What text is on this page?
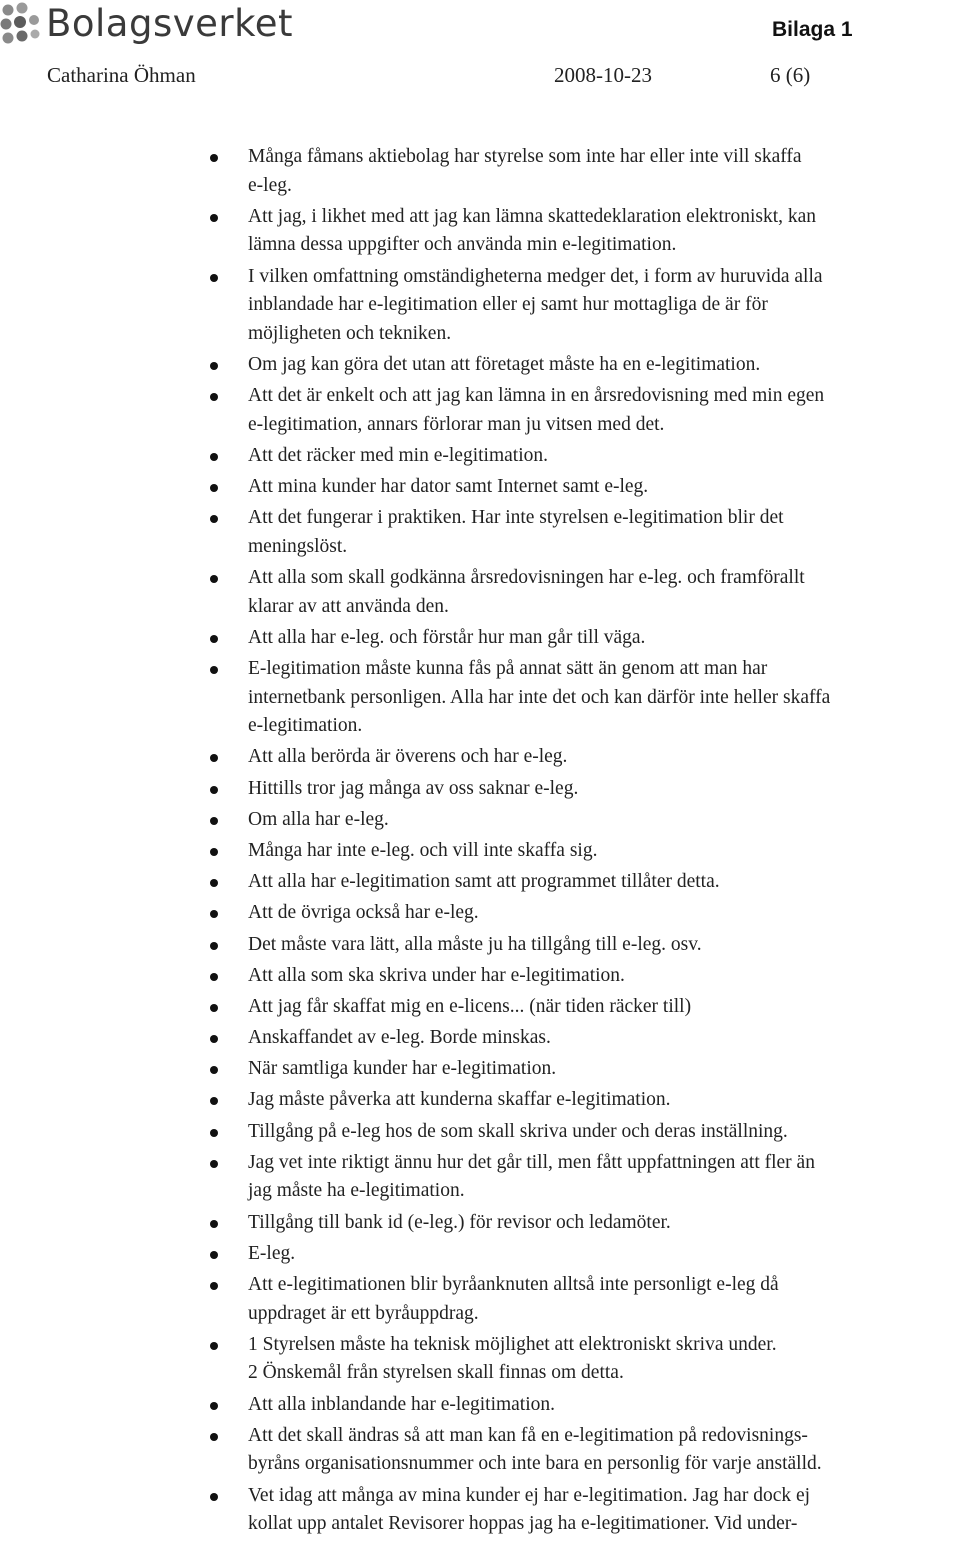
Bolagsverket	Bilaga 1
Catharina Öhman	2008-10-23	6 (6)
Många fåmans aktiebolag har styrelse som inte har eller inte vill skaffa
e-leg.
Att jag, i likhet med att jag kan lämna skattedeklaration elektroniskt, kan
lämna dessa uppgifter och använda min e-legitimation.
I vilken omfattning omständigheterna medger det, i form av huruvida alla
inblandade har e-legitimation eller ej samt hur mottagliga de är för
möjligheten och tekniken.
Om jag kan göra det utan att företaget måste ha en e-legitimation.
Att det är enkelt och att jag kan lämna in en årsredovisning med min egen
e-legitimation, annars förlorar man ju vitsen med det.
Att det räcker med min e-legitimation.
Att mina kunder har dator samt Internet samt e-leg.
Att det fungerar i praktiken. Har inte styrelsen e-legitimation blir det
meningslöst.
Att alla som skall godkänna årsredovisningen har e-leg. och framförallt
klarar av att använda den.
Att alla har e-leg. och förstår hur man går till väga.
E-legitimation måste kunna fås på annat sätt än genom att man har
internetbank personligen. Alla har inte det och kan därför inte heller skaffa
e-legitimation.
Att alla berörda är överens och har e-leg.
Hittills tror jag många av oss saknar e-leg.
Om alla har e-leg.
Många har inte e-leg. och vill inte skaffa sig.
Att alla har e-legitimation samt att programmet tillåter detta.
Att de övriga också har e-leg.
Det måste vara lätt, alla måste ju ha tillgång till e-leg. osv.
Att alla som ska skriva under har e-legitimation.
Att jag får skaffat mig en e-licens... (när tiden räcker till)
Anskaffandet av e-leg. Borde minskas.
När samtliga kunder har e-legitimation.
Jag måste påverka att kunderna skaffar e-legitimation.
Tillgång på e-leg hos de som skall skriva under och deras inställning.
Jag vet inte riktigt ännu hur det går till, men fått uppfattningen att fler än
jag måste ha e-legitimation.
Tillgång till bank id (e-leg.) för revisor och ledamöter.
E-leg.
Att e-legitimationen blir byråanknuten alltså inte personligt e-leg då
uppdraget är ett byråuppdrag.
1 Styrelsen måste ha teknisk möjlighet att elektroniskt skriva under.
2 Önskemål från styrelsen skall finnas om detta.
Att alla inblandande har e-legitimation.
Att det skall ändras så att man kan få en e-legitimation på redovisnings-
byråns organisationsnummer och inte bara en personlig för varje anställd.
Vet idag att många av mina kunder ej har e-legitimation. Jag har dock ej
kollat upp antalet Revisorer hoppas jag ha e-legitimationer. Vid under-
